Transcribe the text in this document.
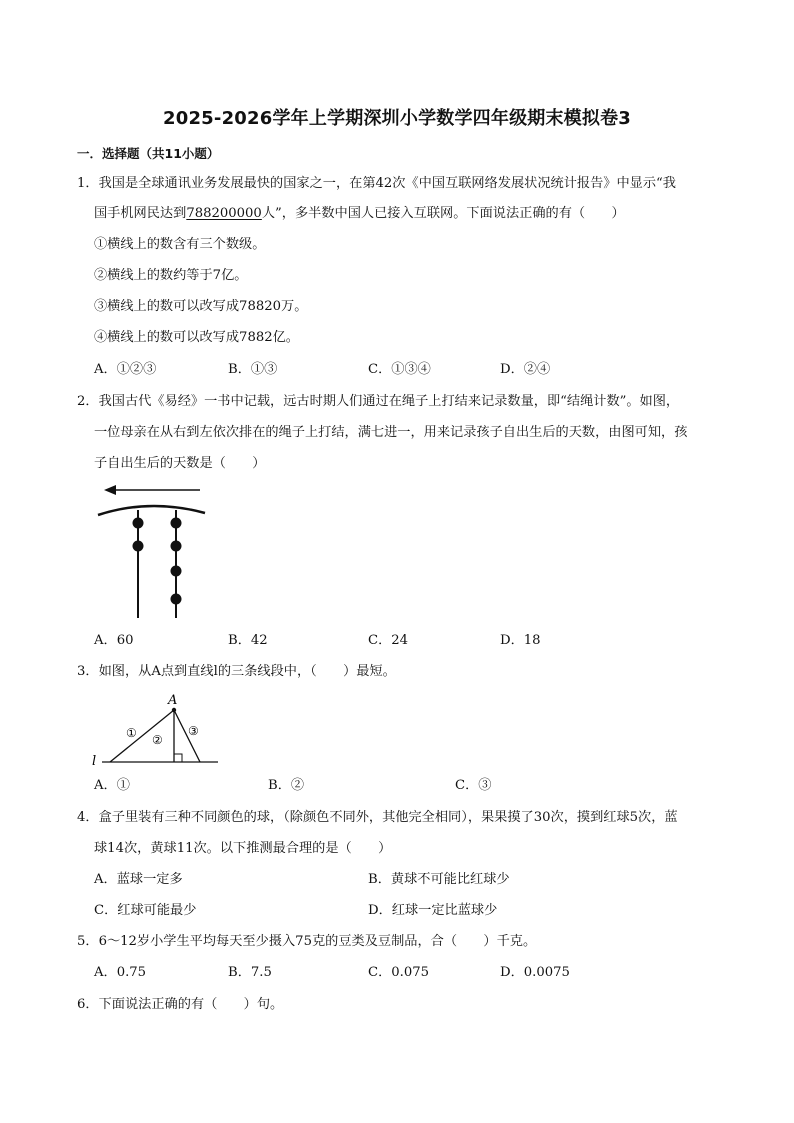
2025-2026学年上学期深圳小学数学四年级期末模拟卷3
一．选择题（共11小题）
1．我国是全球通讯业务发展最快的国家之一，在第42次《中国互联网络发展状况统计报告》中显示“我
国手机网民达到788200000人”，多半数中国人已接入互联网。下面说法正确的有（　　）
①横线上的数含有三个数级。
②横线上的数约等于7亿。
③横线上的数可以改写成78820万。
④横线上的数可以改写成7882亿。
A．①②③	B．①③	C．①③④	D．②④
2．我国古代《易经》一书中记载，远古时期人们通过在绳子上打结来记录数量，即“结绳计数”。如图，
一位母亲在从右到左依次排在的绳子上打结，满七进一，用来记录孩子自出生后的天数，由图可知，孩
子自出生后的天数是（　　）
A．60	B．42	C．24	D．18
3．如图，从A点到直线l的三条线段中，（　　）最短。
A
l
① ②
③
A．①	B．②	C．③
4．盒子里装有三种不同颜色的球，（除颜色不同外，其他完全相同），果果摸了30次，摸到红球5次，蓝
球14次，黄球11次。以下推测最合理的是（　　）
A．蓝球一定多	B．黄球不可能比红球少
C．红球可能最少	D．红球一定比蓝球少
5．6～12岁小学生平均每天至少摄入75克的豆类及豆制品，合（　　）千克。
A．0.75	B．7.5	C．0.075	D．0.0075
6．下面说法正确的有（　　）句。
